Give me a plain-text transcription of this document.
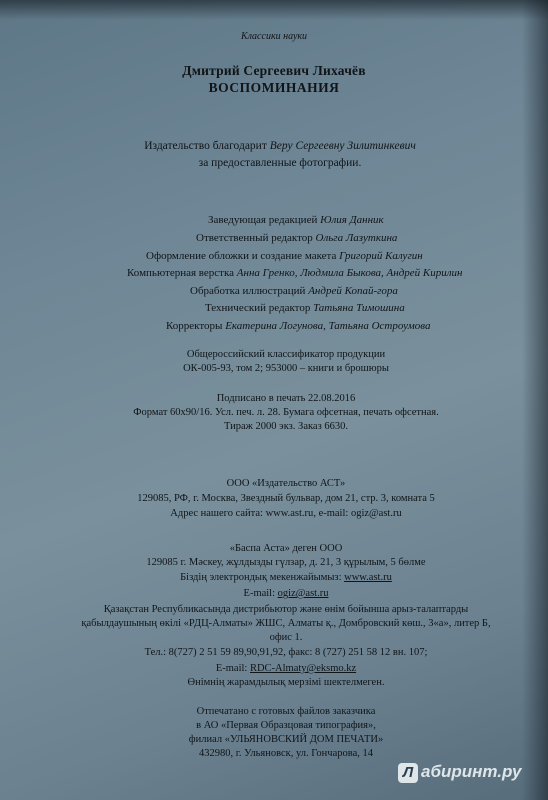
Классики науки
Дмитрий Сергеевич Лихачёв
ВОСПОМИНАНИЯ
Издательство благодарит Веру Сергеевну Зилитинкевич
за предоставленные фотографии.
Заведующая редакцией Юлия Данник
Ответственный редактор Ольга Лазуткина
Оформление обложки и создание макета Григорий Калугин
Компьютерная верстка Анна Гренко, Людмила Быкова, Андрей Кирилин
Обработка иллюстраций Андрей Копай-гора
Технический редактор Татьяна Тимошина
Корректоры Екатерина Логунова, Татьяна Остроумова
Общероссийский классификатор продукции
ОК-005-93, том 2; 953000 – книги и брошюры
Подписано в печать 22.08.2016
Формат 60х90/16. Усл. печ. л. 28. Бумага офсетная, печать офсетная.
Тираж 2000 экз. Заказ 6630.
ООО «Издательство АСТ»
129085, РФ, г. Москва, Звездный бульвар, дом 21, стр. 3, комната 5
Адрес нашего сайта: www.ast.ru, e-mail: ogiz@ast.ru
«Баспа Аста» деген ООО
129085 г. Мәскеу, жұлдызды гүлзар, д. 21, 3 құрылым, 5 бөлме
Біздің электрондық мекенжайымыз: www.ast.ru
E-mail: ogiz@ast.ru
Қазақстан Республикасында дистрибьютор және өнім бойынша арыз-талаптарды
қабылдаушының өкілі «РДЦ-Алматы» ЖШС, Алматы қ., Домбровский көш., 3«а», литер Б,
офис 1.
Тел.: 8(727) 2 51 59 89,90,91,92, факс: 8 (727) 251 58 12 вн. 107;
E-mail: RDC-Almaty@eksmo.kz
Өнімнің жарамдылық мерзімі шектелмеген.
Отпечатано с готовых файлов заказчика
в АО «Первая Образцовая типография»,
филиал «УЛЬЯНОВСКИЙ ДОМ ПЕЧАТИ»
432980, г. Ульяновск, ул. Гончарова, 14
Л абиринт.ру
